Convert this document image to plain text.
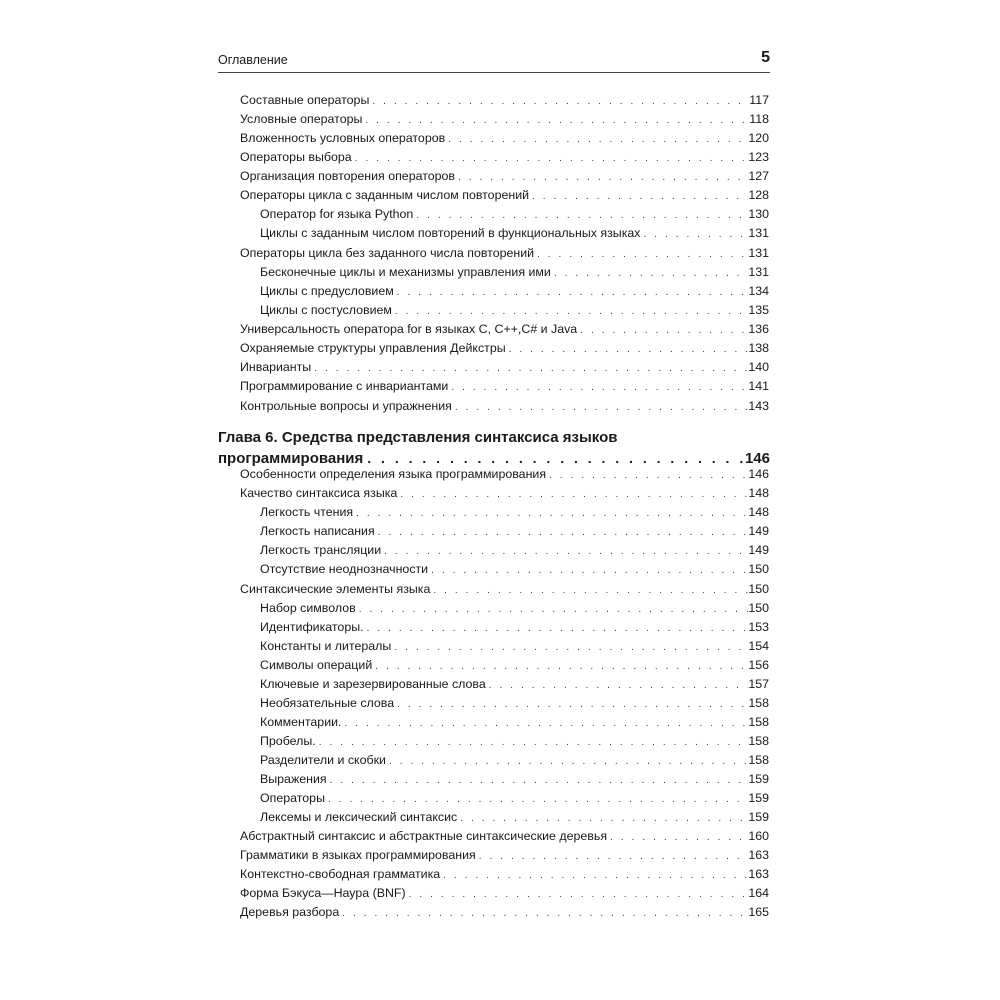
Оглавление	5
Составные операторы . . .	117
Условные операторы . . .	118
Вложенность условных операторов . . .	120
Операторы выбора . . .	123
Организация повторения операторов . . .	127
Операторы цикла с заданным числом повторений . . .	128
Оператор for языка Python . . .	130
Циклы с заданным числом повторений в функциональных языках . . .	131
Операторы цикла без заданного числа повторений . . .	131
Бесконечные циклы и механизмы управления ими . . .	131
Циклы с предусловием . . .	134
Циклы с постусловием . . .	135
Универсальность оператора for в языках C, C++,C# и Java . . .	136
Охраняемые структуры управления Дейкстры . . .	138
Инварианты . . .	140
Программирование с инвариантами . . .	141
Контрольные вопросы и упражнения . . .	143
Глава 6. Средства представления синтаксиса языков
программирования . . .	146
Особенности определения языка программирования . . .	146
Качество синтаксиса языка . . .	148
Легкость чтения . . .	148
Легкость написания . . .	149
Легкость трансляции . . .	149
Отсутствие неоднозначности . . .	150
Синтаксические элементы языка . . .	150
Набор символов . . .	150
Идентификаторы. . . .	153
Константы и литералы . . .	154
Символы операций . . .	156
Ключевые и зарезервированные слова . . .	157
Необязательные слова . . .	158
Комментарии. . . .	158
Пробелы. . . .	158
Разделители и скобки . . .	158
Выражения . . .	159
Операторы . . .	159
Лексемы и лексический синтаксис . . .	159
Абстрактный синтаксис и абстрактные синтаксические деревья . . .	160
Грамматики в языках программирования . . .	163
Контекстно-свободная грамматика . . .	163
Форма Бэкуса—Наура (BNF) . . .	164
Деревья разбора . . .	165
